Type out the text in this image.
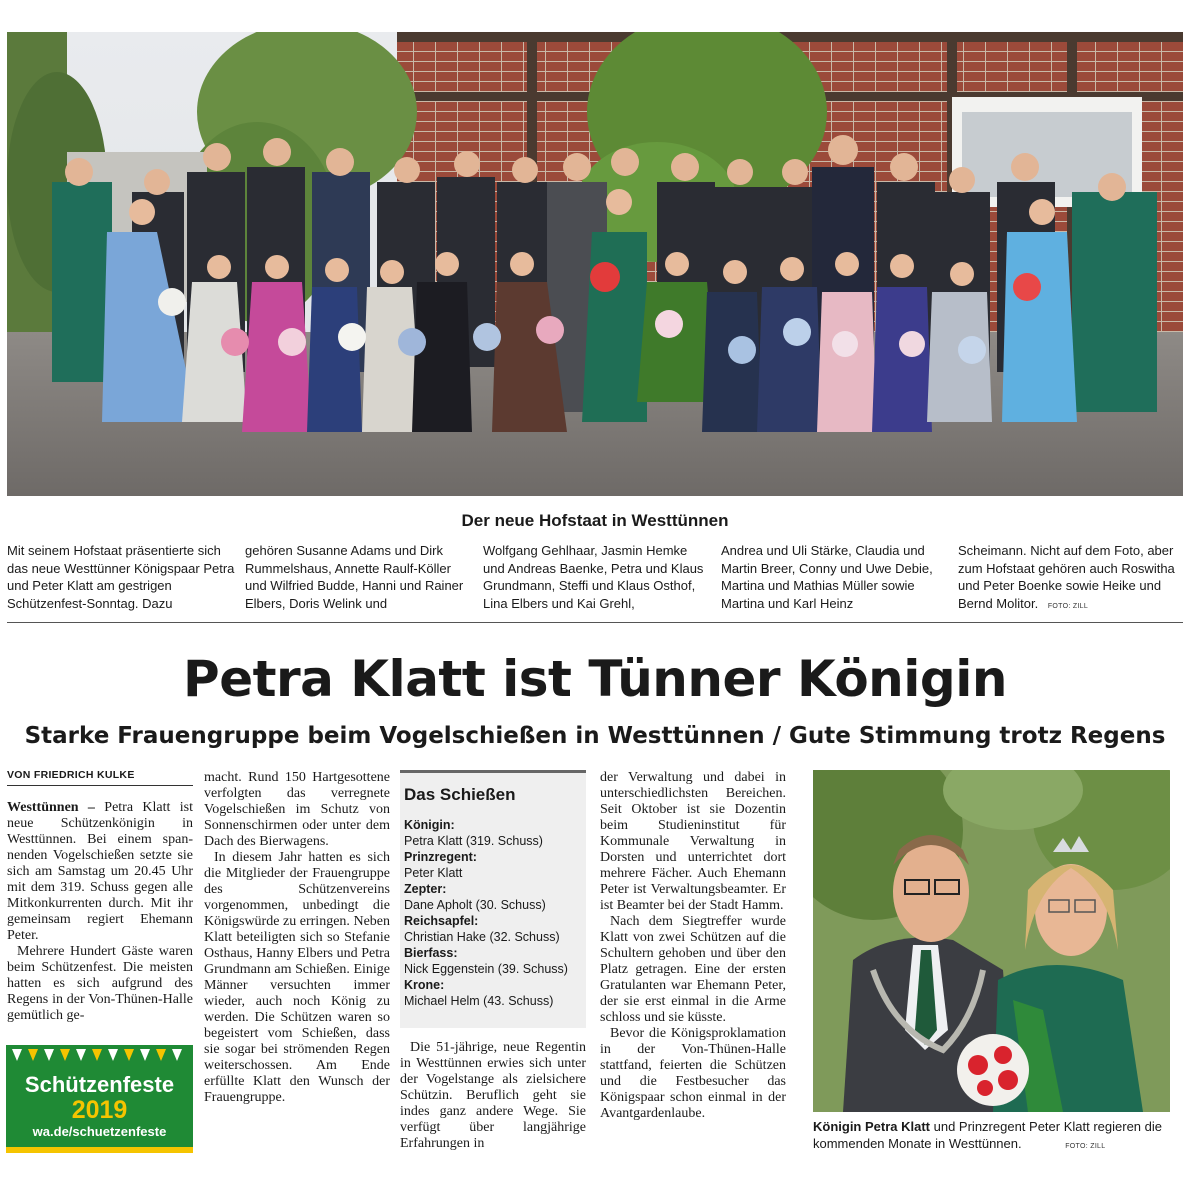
Der neue Hofstaat in Westtünnen
Mit seinem Hofstaat präsentierte sich das neue Westtünner Königspaar Petra und Peter Klatt am gestrigen Schützenfest-Sonntag. Dazu
gehören Susanne Adams und Dirk Rummelshaus, Annette Raulf-Köller und Wilfried Budde, Hanni und Rainer Elbers, Doris Welink und
Wolfgang Gehlhaar, Jasmin Hemke und Andreas Baenke, Petra und Klaus Grundmann, Steffi und Klaus Osthof, Lina Elbers und Kai Grehl,
Andrea und Uli Stärke, Claudia und Martin Breer, Conny und Uwe Debie, Martina und Mathias Müller sowie Martina und Karl Heinz
Scheimann. Nicht auf dem Foto, aber zum Hofstaat gehören auch Roswitha und Peter Boenke sowie Heike und Bernd Molitor. FOTO: ZILL
Petra Klatt ist Tünner Königin
Starke Frauengruppe beim Vogelschießen in Westtünnen / Gute Stimmung trotz Regens
VON FRIEDRICH KULKE

Westtünnen – Petra Klatt ist neue Schützenkönigin in Westtünnen. Bei einem spannenden Vogelschießen setzte sie sich am Samstag um 20.45 Uhr mit dem 319. Schuss gegen alle Mitkonkurrenten durch. Mit ihr gemeinsam regiert Ehemann Peter.

Mehrere Hundert Gäste waren beim Schützenfest. Die meisten hatten es sich aufgrund des Regens in der Von-Thünen-Halle gemütlich ge-

Schützenfeste
2019
wa.de/schuetzenfeste

macht. Rund 150 Hartgesottene verfolgten das verregnete Vogelschießen im Schutz von Sonnenschirmen oder unter dem Dach des Bierwagens.

In diesem Jahr hatten es sich die Mitglieder der Frauengruppe des Schützenvereins vorgenommen, unbedingt die Königswürde zu erringen. Neben Klatt beteiligten sich so Stefanie Osthaus, Hanny Elbers und Petra Grundmann am Schießen. Einige Männer versuchten immer wieder, auch noch König zu werden. Die Schützen waren so begeistert vom Schießen, dass sie sogar bei strömenden Regen weiterschossen. Am Ende erfüllte Klatt den Wunsch der Frauengruppe.

Das Schießen
Königin:
Petra Klatt (319. Schuss)
Prinzregent:
Peter Klatt
Zepter:
Dane Apholt (30. Schuss)
Reichsapfel:
Christian Hake (32. Schuss)
Bierfass:
Nick Eggenstein (39. Schuss)
Krone:
Michael Helm (43. Schuss)

Die 51-jährige, neue Regentin in Westtünnen erwies sich unter der Vogelstange als zielsichere Schützin. Beruflich geht sie indes ganz andere Wege. Sie verfügt über langjährige Erfahrungen in

der Verwaltung und dabei in unterschiedlichsten Bereichen. Seit Oktober ist sie Dozentin beim Studieninstitut für Kommunale Verwaltung in Dorsten und unterrichtet dort mehrere Fächer. Auch Ehemann Peter ist Verwaltungsbeamter. Er ist Beamter bei der Stadt Hamm.

Nach dem Siegtreffer wurde Klatt von zwei Schützen auf die Schultern gehoben und über den Platz getragen. Eine der ersten Gratulanten war Ehemann Peter, der sie erst einmal in die Arme schloss und sie küsste.

Bevor die Königsproklamation in der Von-Thünen-Halle stattfand, feierten die Schützen und die Festbesucher das Königspaar schon einmal in der Avantgardenlaube.

Königin Petra Klatt und Prinzregent Peter Klatt regieren die kommenden Monate in Westtünnen.	FOTO: ZILL
